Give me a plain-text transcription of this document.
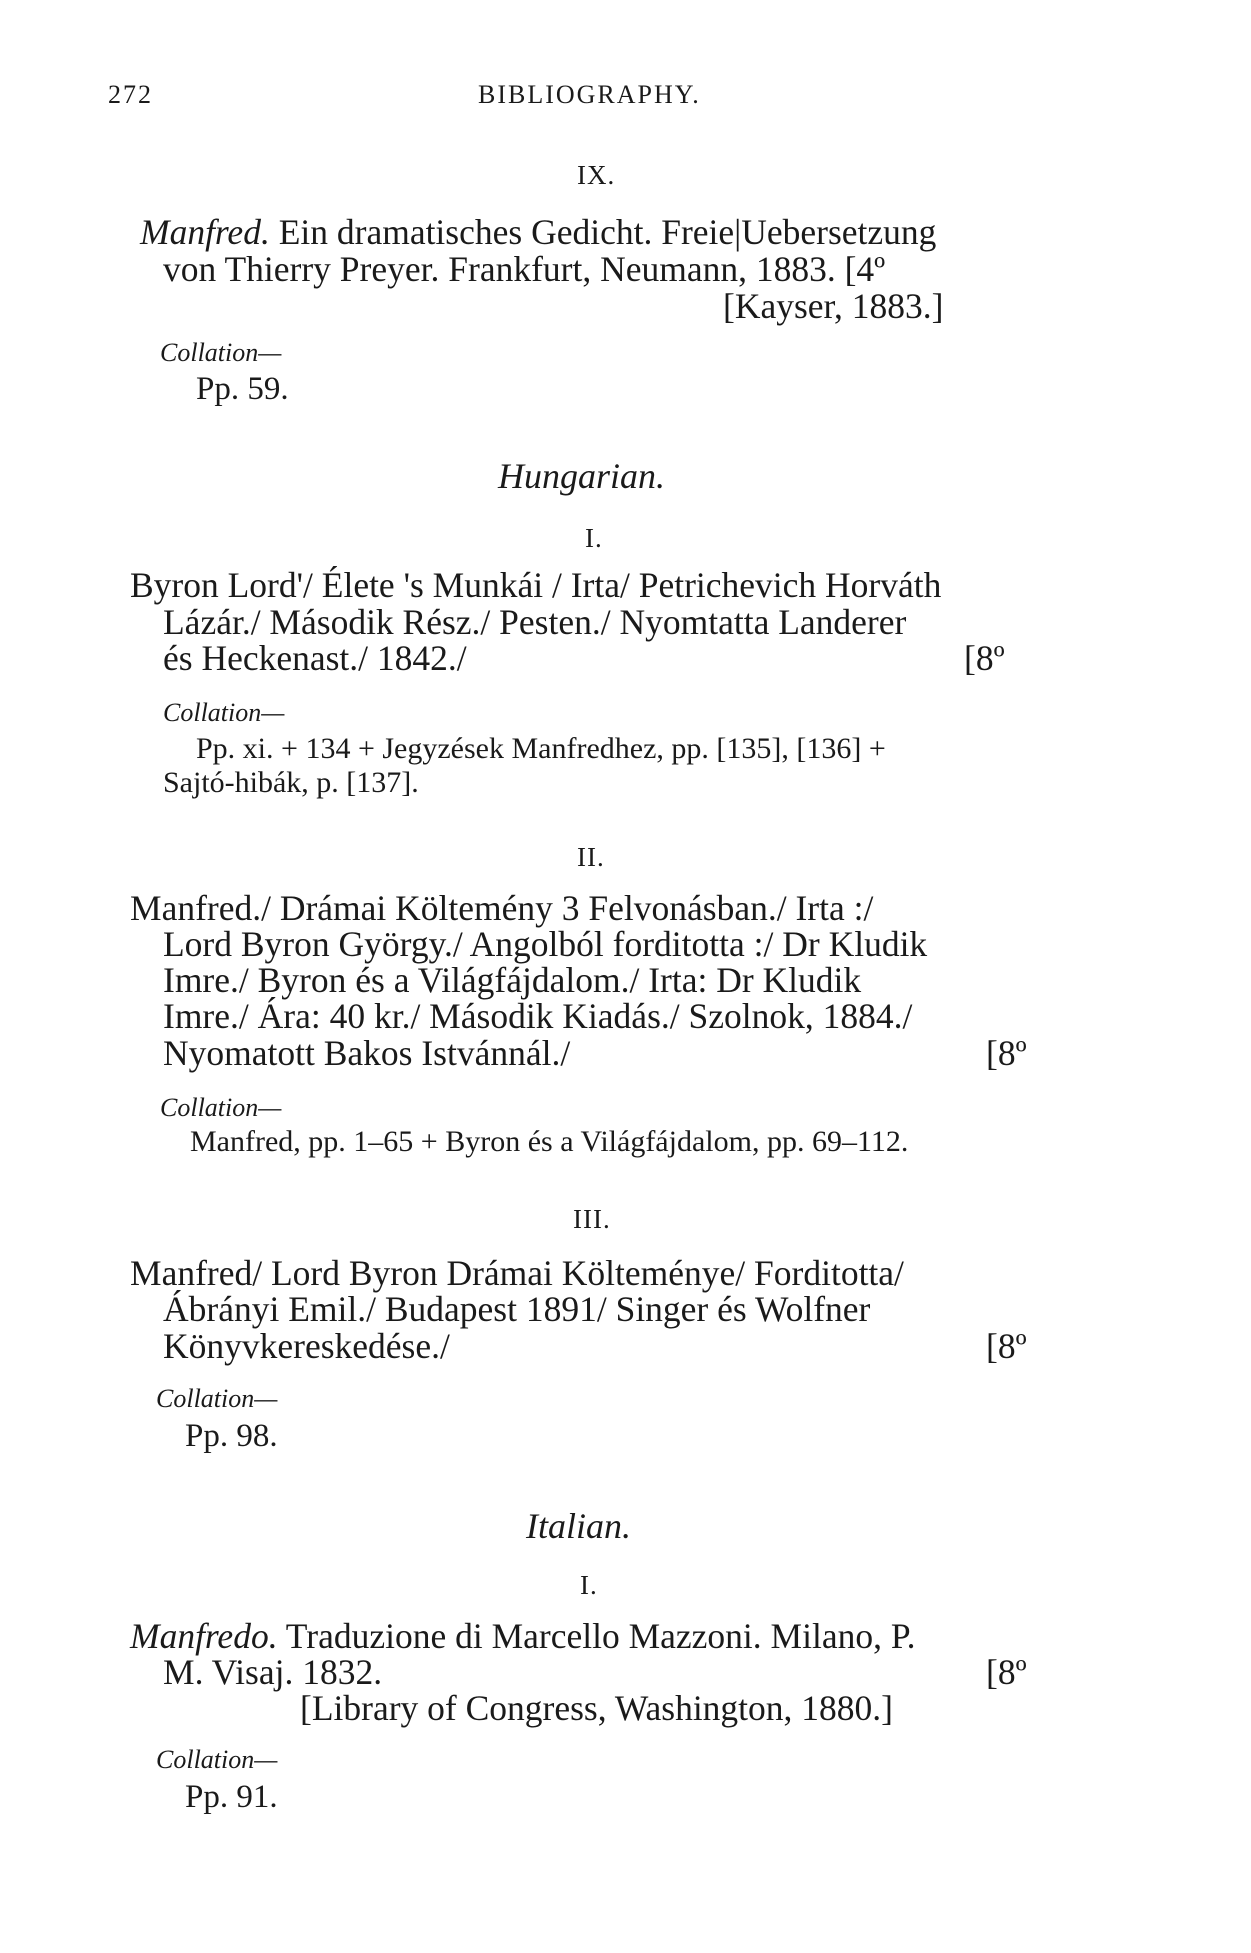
272	BIBLIOGRAPHY.
IX.
Manfred. Ein dramatisches Gedicht. Freie|Uebersetzung
von Thierry Preyer. Frankfurt, Neumann, 1883. [4º
[Kayser, 1883.]
Collation—
Pp. 59.
Hungarian.
I.
Byron Lord'/ Élete 's Munkái / Irta/ Petrichevich Horváth
Lázár./ Második Rész./ Pesten./ Nyomtatta Landerer
és Heckenast./ 1842./	[8º
Collation—
Pp. xi. + 134 + Jegyzések Manfredhez, pp. [135], [136] +
Sajtó-hibák, p. [137].
II.
Manfred./ Drámai Költemény 3 Felvonásban./ Irta :/
Lord Byron György./ Angolból forditotta :/ Dr Kludik
Imre./ Byron és a Világfájdalom./ Irta: Dr Kludik
Imre./ Ára: 40 kr./ Második Kiadás./ Szolnok, 1884./
Nyomatott Bakos Istvánnál./	[8º
Collation—
Manfred, pp. 1–65 + Byron és a Világfájdalom, pp. 69–112.
III.
Manfred/ Lord Byron Drámai Költeménye/ Forditotta/
Ábrányi Emil./ Budapest 1891/ Singer és Wolfner
Könyvkereskedése./	[8º
Collation—
Pp. 98.
Italian.
I.
Manfredo. Traduzione di Marcello Mazzoni. Milano, P.
M. Visaj. 1832.	[8º
[Library of Congress, Washington, 1880.]
Collation—
Pp. 91.
